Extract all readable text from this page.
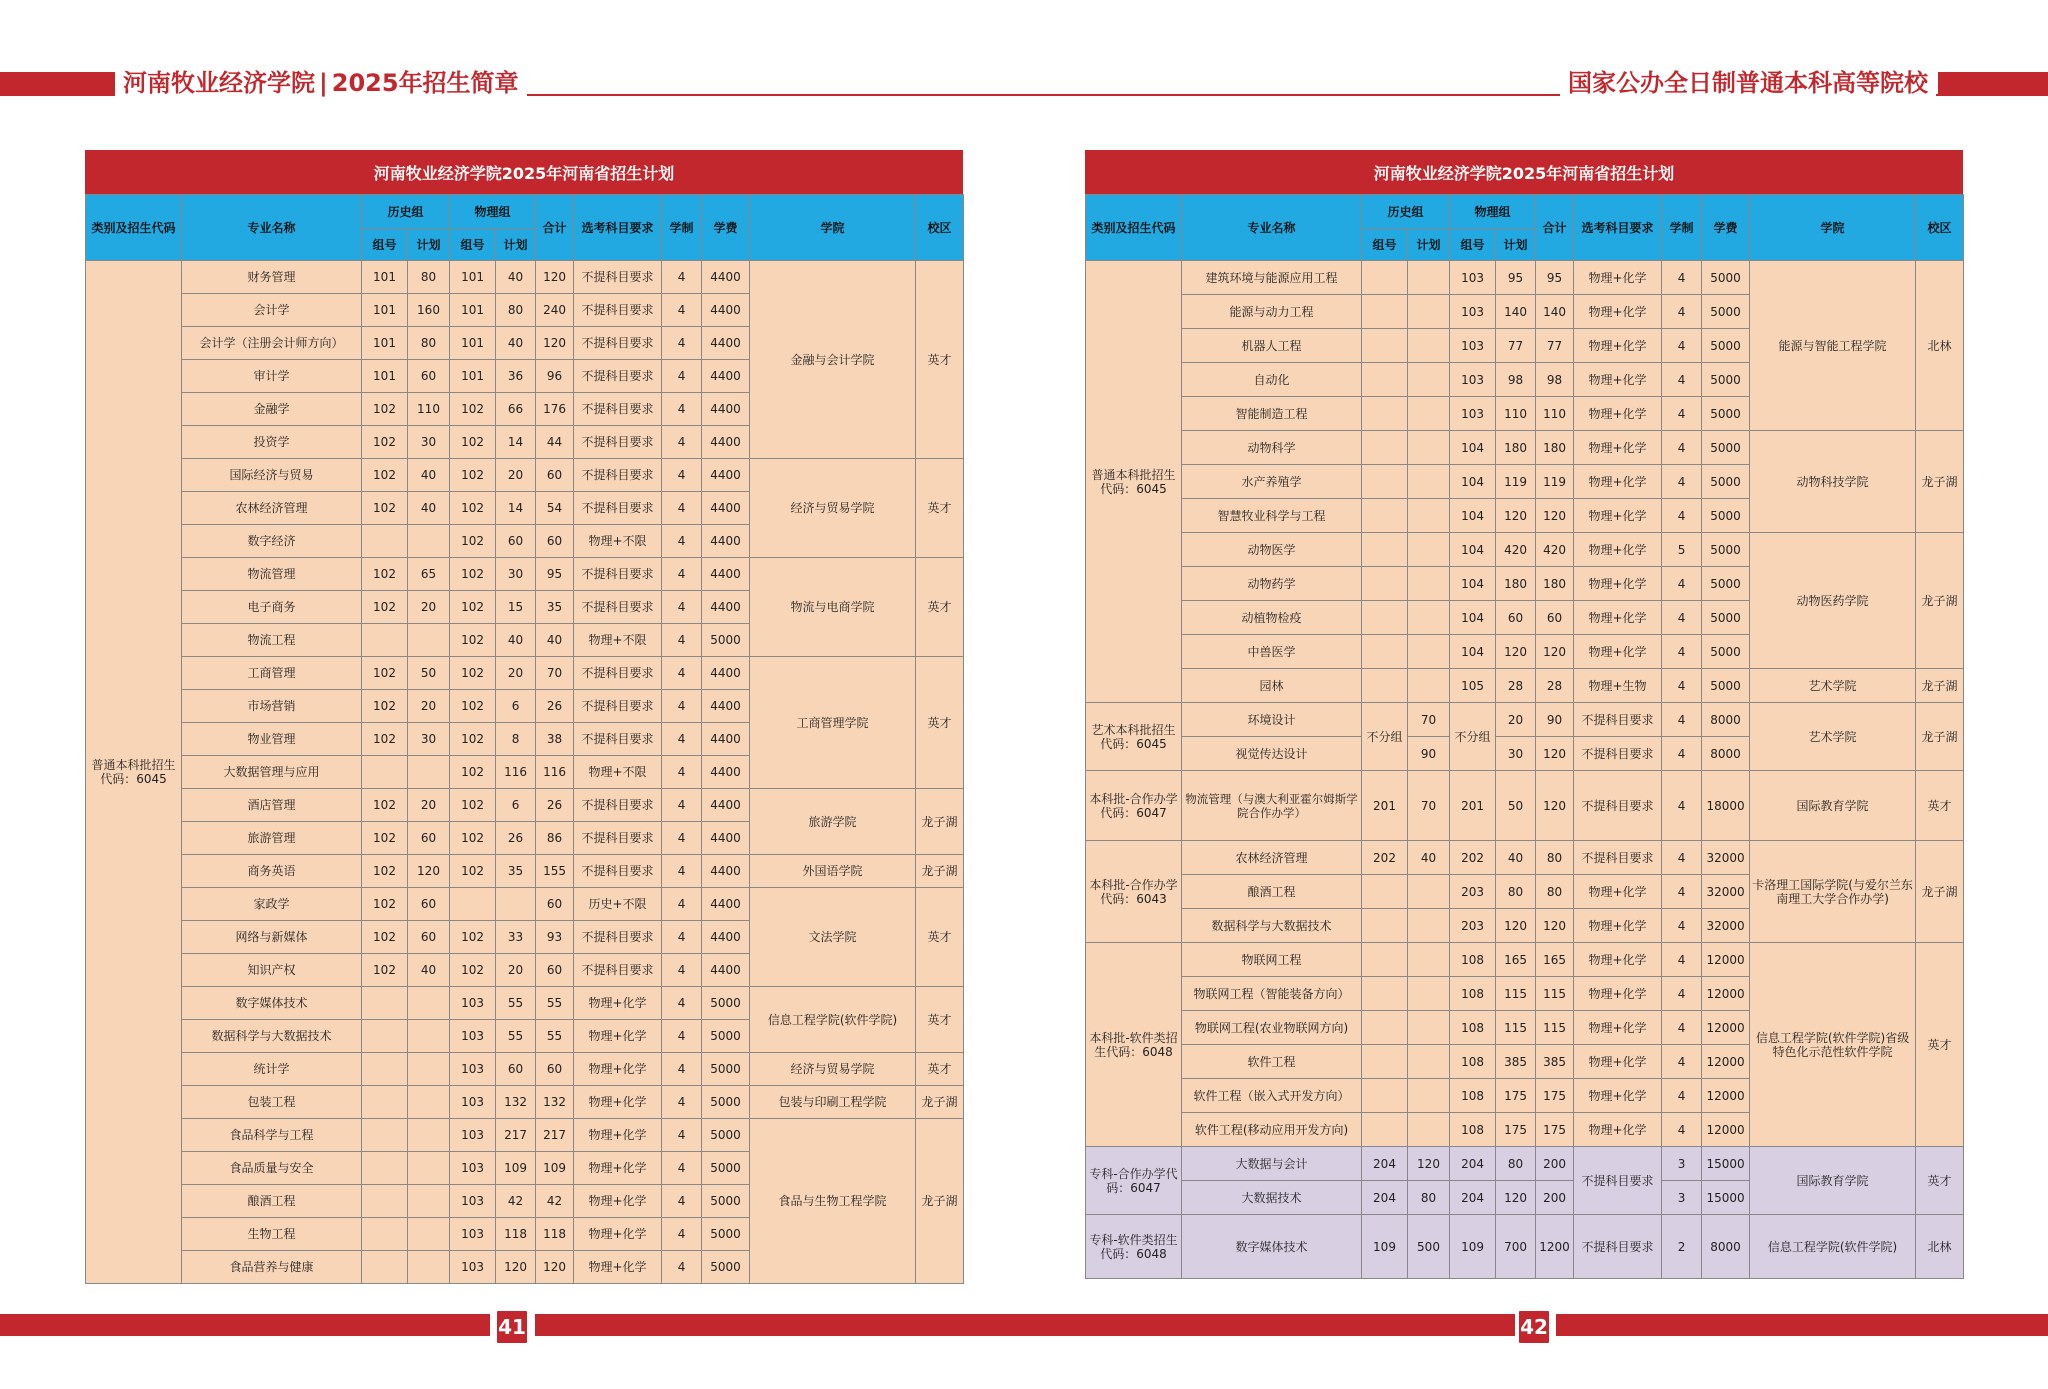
河南牧业经济学院 | 2025年招生简章	国家公办全日制普通本科高等院校
河南牧业经济学院2025年河南省招生计划
类别及招生代码	专业名称	历史组		物理组		合计	选考科目要求	学制	学费	学院	校区
		组号	计划	组号	计划						
普通本科批招生代码：6045	财务管理	101	80	101	40	120	不提科目要求	4	4400	金融与会计学院	英才
	会计学	101	160	101	80	240	不提科目要求	4	4400		
	会计学（注册会计师方向）	101	80	101	40	120	不提科目要求	4	4400		
	审计学	101	60	101	36	96	不提科目要求	4	4400		
	金融学	102	110	102	66	176	不提科目要求	4	4400		
	投资学	102	30	102	14	44	不提科目要求	4	4400		
	国际经济与贸易	102	40	102	20	60	不提科目要求	4	4400	经济与贸易学院	英才
	农林经济管理	102	40	102	14	54	不提科目要求	4	4400		
	数字经济			102	60	60	物理+不限	4	4400		
	物流管理	102	65	102	30	95	不提科目要求	4	4400	物流与电商学院	英才
	电子商务	102	20	102	15	35	不提科目要求	4	4400		
	物流工程			102	40	40	物理+不限	4	5000		
	工商管理	102	50	102	20	70	不提科目要求	4	4400	工商管理学院	英才
	市场营销	102	20	102	6	26	不提科目要求	4	4400		
	物业管理	102	30	102	8	38	不提科目要求	4	4400		
	大数据管理与应用			102	116	116	物理+不限	4	4400		
	酒店管理	102	20	102	6	26	不提科目要求	4	4400	旅游学院	龙子湖
	旅游管理	102	60	102	26	86	不提科目要求	4	4400		
	商务英语	102	120	102	35	155	不提科目要求	4	4400	外国语学院	龙子湖
	家政学	102	60			60	历史+不限	4	4400	文法学院	英才
	网络与新媒体	102	60	102	33	93	不提科目要求	4	4400		
	知识产权	102	40	102	20	60	不提科目要求	4	4400		
	数字媒体技术			103	55	55	物理+化学	4	5000	信息工程学院(软件学院)	英才
	数据科学与大数据技术			103	55	55	物理+化学	4	5000		
	统计学			103	60	60	物理+化学	4	5000	经济与贸易学院	英才
	包装工程			103	132	132	物理+化学	4	5000	包装与印刷工程学院	龙子湖
	食品科学与工程			103	217	217	物理+化学	4	5000	食品与生物工程学院	龙子湖
	食品质量与安全			103	109	109	物理+化学	4	5000		
	酿酒工程			103	42	42	物理+化学	4	5000		
	生物工程			103	118	118	物理+化学	4	5000		
	食品营养与健康			103	120	120	物理+化学	4	5000		
河南牧业经济学院2025年河南省招生计划
类别及招生代码	专业名称	历史组		物理组		合计	选考科目要求	学制	学费	学院	校区
		组号	计划	组号	计划						
普通本科批招生代码：6045	建筑环境与能源应用工程			103	95	95	物理+化学	4	5000	能源与智能工程学院	北林
	能源与动力工程			103	140	140	物理+化学	4	5000		
	机器人工程			103	77	77	物理+化学	4	5000		
	自动化			103	98	98	物理+化学	4	5000		
	智能制造工程			103	110	110	物理+化学	4	5000		
	动物科学			104	180	180	物理+化学	4	5000	动物科技学院	龙子湖
	水产养殖学			104	119	119	物理+化学	4	5000		
	智慧牧业科学与工程			104	120	120	物理+化学	4	5000		
	动物医学			104	420	420	物理+化学	5	5000	动物医药学院	龙子湖
	动物药学			104	180	180	物理+化学	4	5000		
	动植物检疫			104	60	60	物理+化学	4	5000		
	中兽医学			104	120	120	物理+化学	4	5000		
	园林			105	28	28	物理+生物	4	5000	艺术学院	龙子湖
艺术本科批招生代码：6045	环境设计	不分组	70	不分组	20	90	不提科目要求	4	8000	艺术学院	龙子湖
	视觉传达设计		90		30	120	不提科目要求	4	8000		
本科批-合作办学代码：6047	物流管理（与澳大利亚霍尔姆斯学院合作办学）	201	70	201	50	120	不提科目要求	4	18000	国际教育学院	英才
本科批-合作办学代码：6043	农林经济管理	202	40	202	40	80	不提科目要求	4	32000	卡洛理工国际学院(与爱尔兰东南理工大学合作办学)	龙子湖
	酿酒工程			203	80	80	物理+化学	4	32000		
	数据科学与大数据技术			203	120	120	物理+化学	4	32000		
本科批-软件类招生代码：6048	物联网工程			108	165	165	物理+化学	4	12000	信息工程学院(软件学院)省级特色化示范性软件学院	英才
	物联网工程（智能装备方向）			108	115	115	物理+化学	4	12000		
	物联网工程(农业物联网方向)			108	115	115	物理+化学	4	12000		
	软件工程			108	385	385	物理+化学	4	12000		
	软件工程（嵌入式开发方向）			108	175	175	物理+化学	4	12000		
	软件工程(移动应用开发方向)			108	175	175	物理+化学	4	12000		
专科-合作办学代码：6047	大数据与会计	204	120	204	80	200	不提科目要求	3	15000	国际教育学院	英才
	大数据技术	204	80	204	120	200		3	15000		
专科-软件类招生代码：6048	数字媒体技术	109	500	109	700	1200	不提科目要求	2	8000	信息工程学院(软件学院)	北林
41	42
